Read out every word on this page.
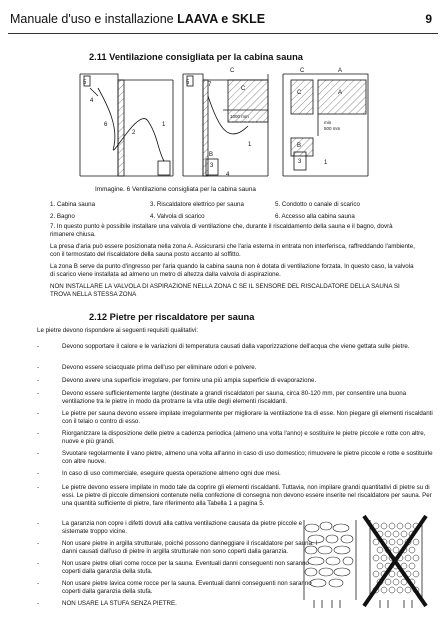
Manuale d'uso e installazione LAAVA e SKLE	9
2.11 Ventilazione consigliata per la cabina sauna
5
4
6
2
1
5	7
C
C
B
3
1
4
1000 mm
C	A
C	A
B
3	1
min
500 mm
Immagine. 6 Ventilazione consigliata per la cabina sauna
1. Cabina sauna	3. Riscaldatore elettrico per sauna	5. Condotto o canale di scarico
2. Bagno	4. Valvola di scarico	6. Accesso alla cabina sauna
7. In questo punto è possibile installare una valvola di ventilazione che, durante il riscaldamento della sauna e il bagno, dovrà rimanere chiusa.
La presa d'aria può essere posizionata nella zona A. Assicurarsi che l'aria esterna in entrata non interferisca, raffreddando l'ambiente, con il termostato del riscaldatore della sauna posto accanto al soffitto.
La zona B serve da punto d'ingresso per l'aria quando la cabina sauna non è dotata di ventilazione forzata. In questo caso, la valvola di scarico viene installata ad almeno un metro di altezza dalla valvola di aspirazione.
NON INSTALLARE LA VALVOLA DI ASPIRAZIONE NELLA ZONA C SE IL SENSORE DEL RISCALDATORE DELLA SAUNA SI TROVA NELLA STESSA ZONA
2.12 Pietre per riscaldatore per sauna
Le pietre devono rispondere ai seguenti requisiti qualitativi:
-	Devono sopportare il calore e le variazioni di temperatura causati dalla vaporizzazione dell'acqua che viene gettata sulle pietre.
-	Devono essere sciacquate prima dell'uso per eliminare odori e polvere.
-	Devono avere una superficie irregolare, per fornire una più ampia superficie di evaporazione.
-	Devono essere sufficientemente larghe (destinate a grandi riscaldatori per sauna, circa 80-120 mm, per consentire una buona ventilazione tra le pietre in modo da protrarre la vita utile degli elementi riscaldanti.
-	Le pietre per sauna devono essere impilate irregolarmente per migliorare la ventilazione tra di esse. Non piegare gli elementi riscaldanti con il telaio o contro di esso.
-	Riorganizzare la disposizione delle pietre a cadenza periodica (almeno una volta l'anno) e sostituire le pietre piccole e rotte con altre, nuove e più grandi.
-	Svuotare regolarmente il vano pietre, almeno una volta all'anno in caso di uso domestico; rimuovere le pietre piccole e rotte e sostituirle con altre nuove.
-	In caso di uso commerciale, eseguire questa operazione almeno ogni due mesi.
-	Le pietre devono essere impilate in modo tale da coprire gli elementi riscaldanti. Tuttavia, non impilare grandi quantitativi di pietre su di essi. Le pietre di piccole dimensioni contenute nella confezione di consegna non devono essere inserite nel riscaldatore per sauna. Per una quantità sufficiente di pietre, fare riferimento alla Tabella 1 a pagina 5.
-	La garanzia non copre i difetti dovuti alla cattiva ventilazione causata da pietre piccole e sistemate troppo vicine.
-	Non usare pietre in argilla strutturale, poiché possono danneggiare il riscaldatore per sauna. I danni causati dall'uso di pietre in argilla strutturale non sono coperti dalla garanzia.
-	Non usare pietre ollari come rocce per la sauna. Eventuali danni conseguenti non saranno coperti dalla garanzia della stufa.
-	Non usare pietre lavica come rocce per la sauna. Eventuali danni conseguenti non saranno coperti dalla garanzia della stufa.
-	NON USARE LA STUFA SENZA PIETRE.
